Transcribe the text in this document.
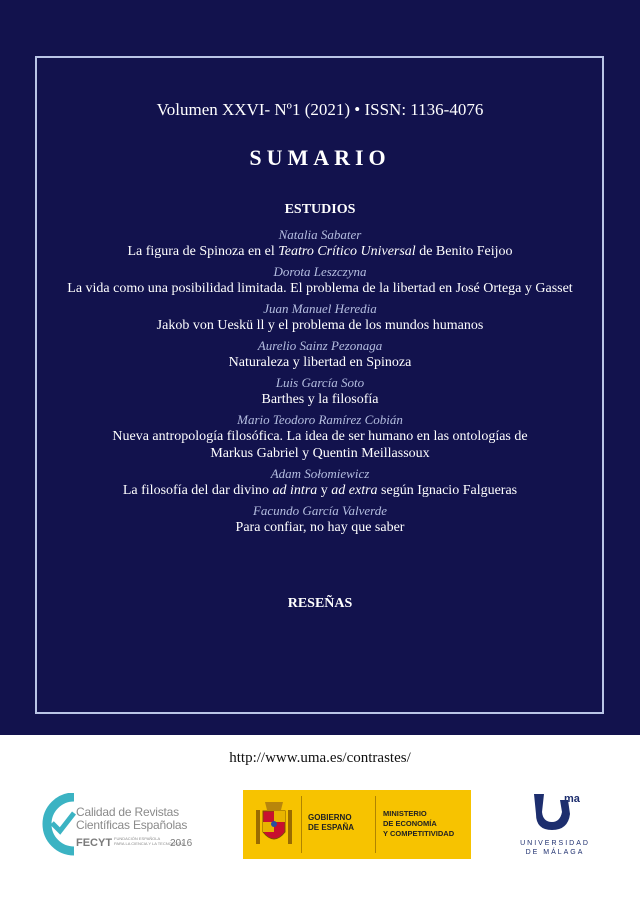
Volumen XXVI- Nº1 (2021) • ISSN: 1136-4076
SUMARIO
ESTUDIOS
Natalia Sabater
La figura de Spinoza en el Teatro Crítico Universal de Benito Feijoo
Dorota Leszczyna
La vida como una posibilidad limitada. El problema de la libertad en José Ortega y Gasset
Juan Manuel Heredia
Jakob von Ueskü ll y el problema de los mundos humanos
Aurelio Sainz Pezonaga
Naturaleza y libertad en Spinoza
Luis García Soto
Barthes y la filosofía
Mario Teodoro Ramírez Cobián
Nueva antropología filosófica. La idea de ser humano en las ontologías de
Markus Gabriel y Quentin Meillassoux
Adam Sołomiewicz
La filosofía del dar divino ad intra y ad extra según Ignacio Falgueras
Facundo García Valverde
Para confiar, no hay que saber
RESEÑAS
http://www.uma.es/contrastes/
Calidad de Revistas
Científicas Españolas
FECYT FUNDACIÓN ESPAÑOLA
PARA LA CIENCIA Y LA TECNOLOGÍA
2016
GOBIERNO
DE ESPAÑA
MINISTERIO
DE ECONOMÍA
Y COMPETITIVIDAD
ma
UNIVERSIDAD
DE MÁLAGA
